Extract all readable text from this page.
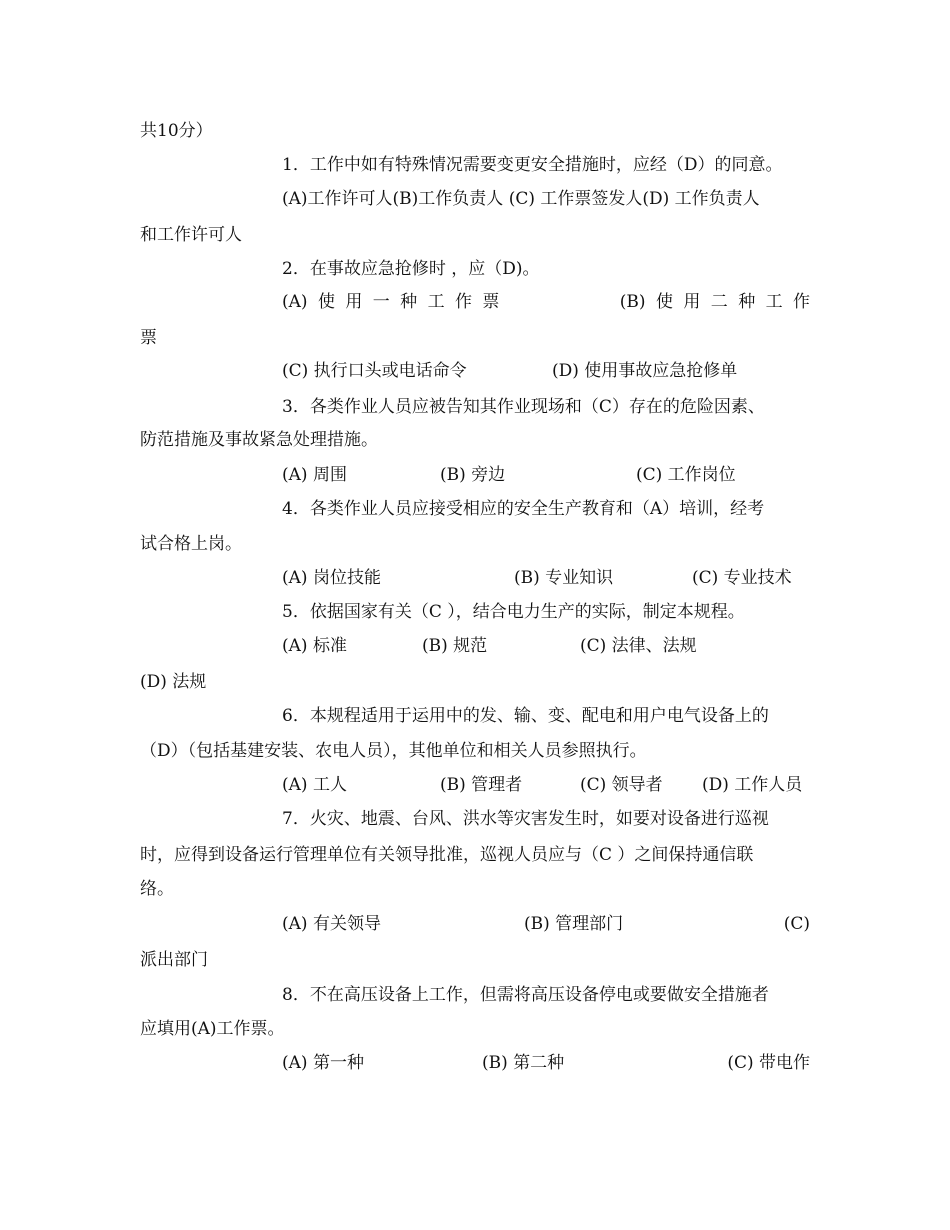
共10分）
1．工作中如有特殊情况需要变更安全措施时，应经（D）的同意。
(A)工作许可人(B)工作负责人 (C) 工作票签发人(D) 工作负责人
和工作许可人
2．在事故应急抢修时 ，应（D)。
(A) 使 用 一 种 工 作 票	(B) 使 用 二 种 工 作
票
(C) 执行口头或电话命令	(D) 使用事故应急抢修单
3．各类作业人员应被告知其作业现场和（C）存在的危险因素、
防范措施及事故紧急处理措施。
(A) 周围	(B) 旁边	(C) 工作岗位
4．各类作业人员应接受相应的安全生产教育和（A）培训，经考
试合格上岗。
(A) 岗位技能	(B) 专业知识	(C) 专业技术
5．依据国家有关（C ），结合电力生产的实际，制定本规程。
(A) 标准	(B) 规范	(C) 法律、法规
(D) 法规
6．本规程适用于运用中的发、输、变、配电和用户电气设备上的
（D）（包括基建安装、农电人员），其他单位和相关人员参照执行。
(A) 工人	(B) 管理者	(C) 领导者 (D) 工作人员
7．火灾、地震、台风、洪水等灾害发生时，如要对设备进行巡视
时，应得到设备运行管理单位有关领导批准，巡视人员应与（C ）之间保持通信联
络。
(A) 有关领导	(B) 管理部门	(C)
派出部门
8．不在高压设备上工作，但需将高压设备停电或要做安全措施者
应填用(A)工作票。
(A) 第一种	(B) 第二种	(C) 带电作
